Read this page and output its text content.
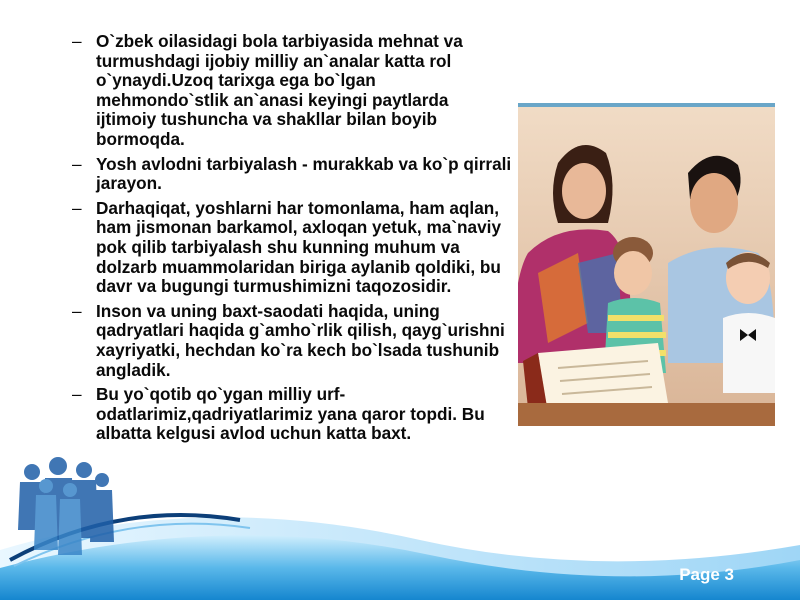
– O`zbek oilasidagi bola tarbiyasida mehnat va turmushdagi ijobiy milliy an`analar katta rol o`ynaydi.Uzoq tarixga ega bo`lgan mehmondo`stlik an`anasi keyingi paytlarda ijtimoiy tushuncha va shakllar bilan boyib bormoqda.
– Yosh avlodni tarbiyalash - murakkab va ko`p qirrali jarayon.
– Darhaqiqat, yoshlarni har tomonlama, ham aqlan, ham jismonan barkamol, axloqan yetuk, ma`naviy pok qilib tarbiyalash shu kunning muhum va dolzarb muammolaridan biriga aylanib qoldiki, bu davr va bugungi turmushimizni taqozosidir.
– Inson va uning baxt-saodati haqida, uning qadryatlari haqida g`amho`rlik qilish, qayg`urishni xayriyatki, hechdan ko`ra kech bo`lsada tushunib angladik.
– Bu yo`qotib qo`ygan milliy urf-odatlarimiz,qadriyatlarimiz yana qaror topdi. Bu albatta kelgusi avlod uchun katta baxt.
Page 3
